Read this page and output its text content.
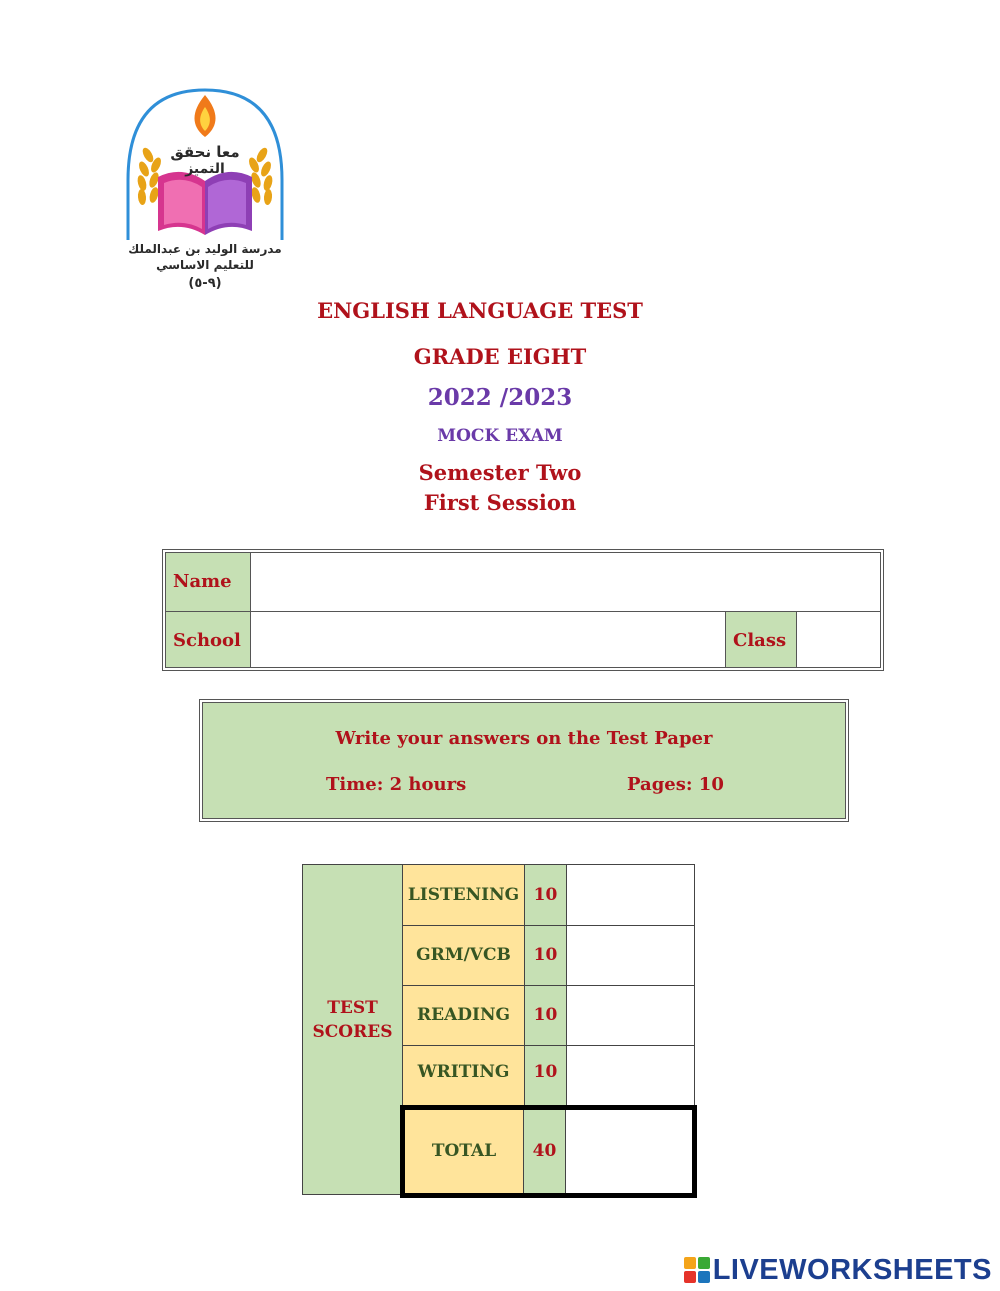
معا نحقق
التميز
مدرسة الوليد بن عبدالملك
للتعليم الاساسي
(٩-٥)
ENGLISH LANGUAGE TEST
GRADE EIGHT
2022 /2023
MOCK EXAM
Semester Two
First Session
Name
School	Class
Write your answers on the Test Paper
Time: 2 hours	Pages: 10
TEST
SCORES
LISTENING 10
GRM/VCB	10
READING	10
WRITING	10
TOTAL	40
LIVEWORKSHEETS
